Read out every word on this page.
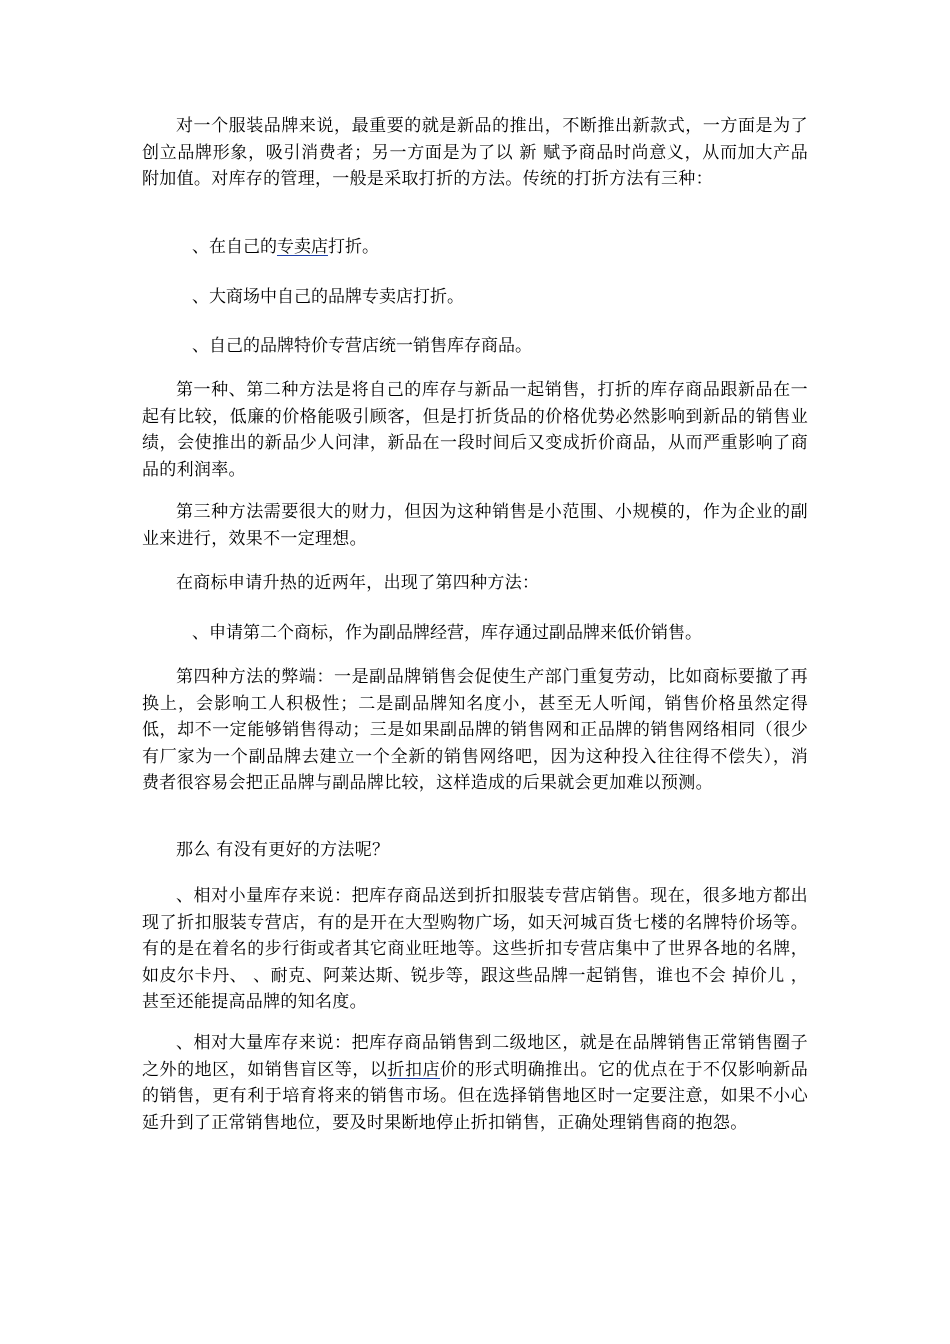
对一个服装品牌来说，最重要的就是新品的推出，不断推出新款式，一方面是为了创立品牌形象，吸引消费者；另一方面是为了以 新 赋予商品时尚意义，从而加大产品附加值。对库存的管理，一般是采取打折的方法。传统的打折方法有三种：

、在自己的专卖店打折。

、大商场中自己的品牌专卖店打折。

、自己的品牌特价专营店统一销售库存商品。

第一种、第二种方法是将自己的库存与新品一起销售，打折的库存商品跟新品在一起有比较，低廉的价格能吸引顾客，但是打折货品的价格优势必然影响到新品的销售业绩，会使推出的新品少人问津，新品在一段时间后又变成折价商品，从而严重影响了商品的利润率。

第三种方法需要很大的财力，但因为这种销售是小范围、小规模的，作为企业的副业来进行，效果不一定理想。

在商标申请升热的近两年，出现了第四种方法：

、申请第二个商标，作为副品牌经营，库存通过副品牌来低价销售。

第四种方法的弊端：一是副品牌销售会促使生产部门重复劳动，比如商标要撤了再换上，会影响工人积极性；二是副品牌知名度小，甚至无人听闻，销售价格虽然定得低，却不一定能够销售得动；三是如果副品牌的销售网和正品牌的销售网络相同（很少有厂家为一个副品牌去建立一个全新的销售网络吧，因为这种投入往往得不偿失），消费者很容易会把正品牌与副品牌比较，这样造成的后果就会更加难以预测。

那么 有没有更好的方法呢？

、相对小量库存来说：把库存商品送到折扣服装专营店销售。现在，很多地方都出现了折扣服装专营店，有的是开在大型购物广场，如天河城百货七楼的名牌特价场等。有的是在着名的步行街或者其它商业旺地等。这些折扣专营店集中了世界各地的名牌，如皮尔卡丹、 、耐克、阿莱达斯、锐步等，跟这些品牌一起销售，谁也不会 掉价儿 ，甚至还能提高品牌的知名度。

、相对大量库存来说：把库存商品销售到二级地区，就是在品牌销售正常销售圈子之外的地区，如销售盲区等，以折扣店价的形式明确推出。它的优点在于不仅影响新品的销售，更有利于培育将来的销售市场。但在选择销售地区时一定要注意，如果不小心延升到了正常销售地位，要及时果断地停止折扣销售，正确处理销售商的抱怨。
